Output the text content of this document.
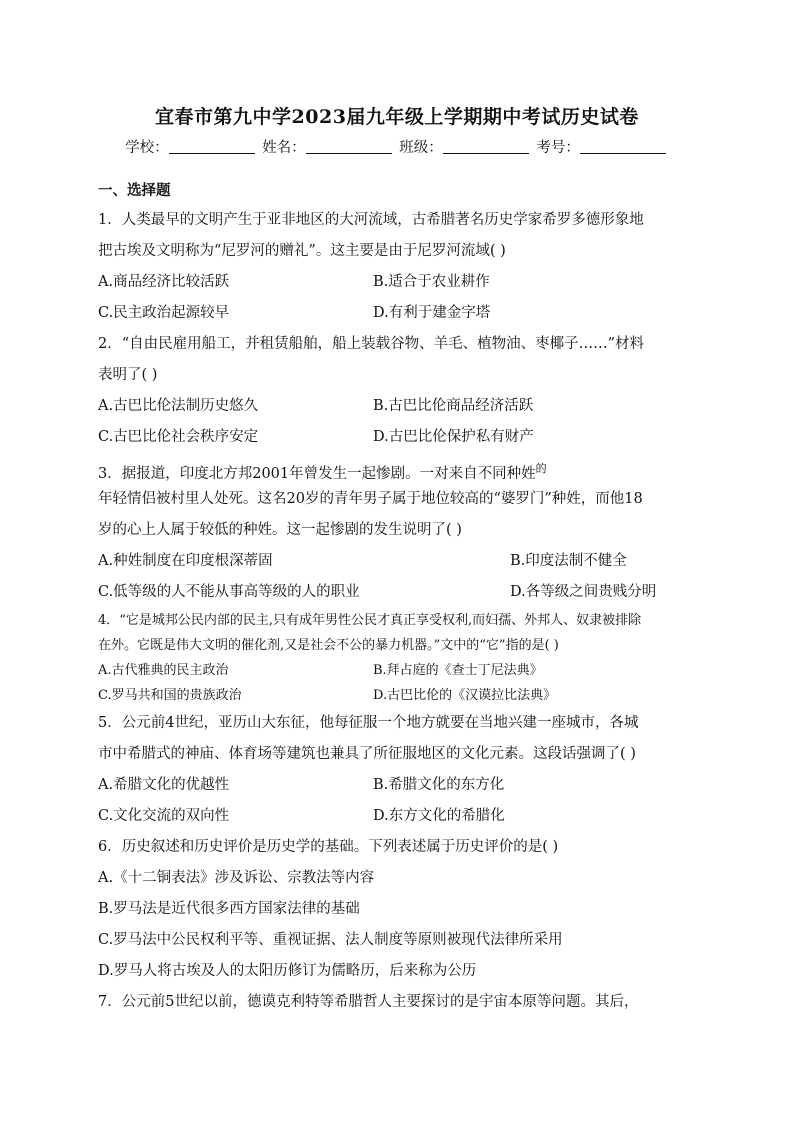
宜春市第九中学2023届九年级上学期期中考试历史试卷
学校：	姓名：	班级：	考号：
一、选择题
1．人类最早的文明产生于亚非地区的大河流域，古希腊著名历史学家希罗多德形象地
把古埃及文明称为“尼罗河的赠礼”。这主要是由于尼罗河流域( )
A.商品经济比较活跃	B.适合于农业耕作
C.民主政治起源较早	D.有利于建金字塔
2．“自由民雇用船工，并租赁船舶，船上装载谷物、羊毛、植物油、枣椰子……”材料
表明了( )
A.古巴比伦法制历史悠久	B.古巴比伦商品经济活跃
C.古巴比伦社会秩序安定	D.古巴比伦保护私有财产
3．据报道，印度北方邦2001年曾发生一起惨剧。一对来自不同种姓$^的$
年轻情侣被村里人处死。这名20岁的青年男子属于地位较高的“婆罗门”种姓，而他18
岁的心上人属于较低的种姓。这一起惨剧的发生说明了( )
A.种姓制度在印度根深蒂固	B.印度法制不健全
C.低等级的人不能从事高等级的人的职业	D.各等级之间贵贱分明
4．“它是城邦公民内部的民主,只有成年男性公民才真正享受权利,而妇孺、外邦人、奴隶被排除
在外。它既是伟大文明的催化剂,又是社会不公的暴力机器。”文中的“它”指的是( )
A.古代雅典的民主政治	B.拜占庭的《查士丁尼法典》
C.罗马共和国的贵族政治	D.古巴比伦的《汉谟拉比法典》
5．公元前4世纪，亚历山大东征，他每征服一个地方就要在当地兴建一座城市，各城
市中希腊式的神庙、体育场等建筑也兼具了所征服地区的文化元素。这段话强调了( )
A.希腊文化的优越性	B.希腊文化的东方化
C.文化交流的双向性	D.东方文化的希腊化
6．历史叙述和历史评价是历史学的基础。下列表述属于历史评价的是( )
A.《十二铜表法》涉及诉讼、宗教法等内容
B.罗马法是近代很多西方国家法律的基础
C.罗马法中公民权利平等、重视证据、法人制度等原则被现代法律所采用
D.罗马人将古埃及人的太阳历修订为儒略历，后来称为公历
7．公元前5世纪以前，德谟克利特等希腊哲人主要探讨的是宇宙本原等问题。其后，
